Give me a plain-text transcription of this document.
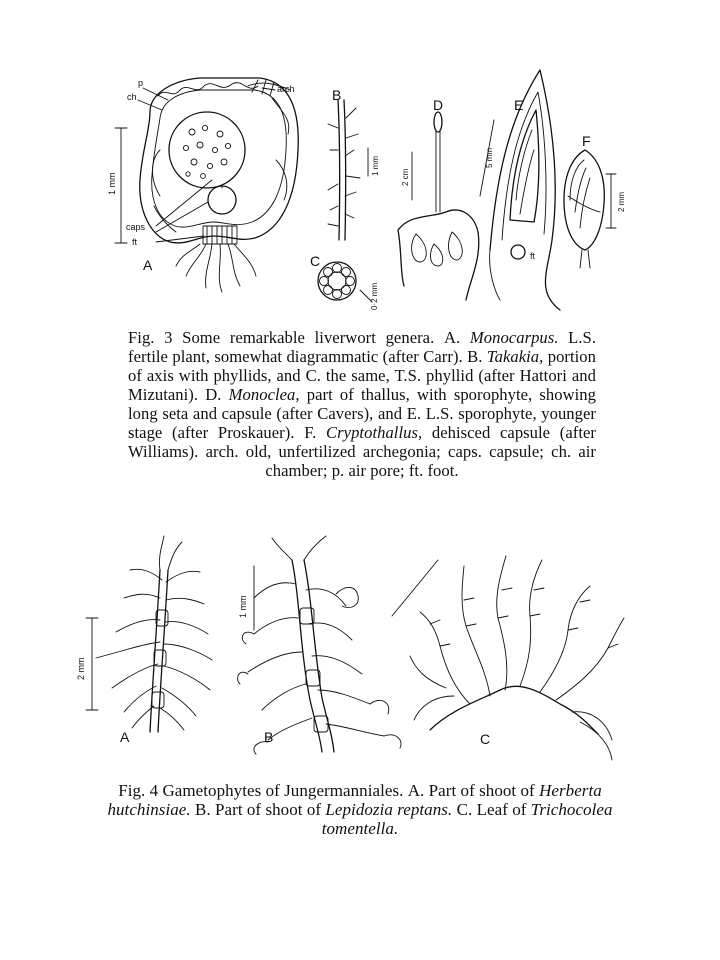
1 mm
p
ch
arch
caps
ft
A
B
1 mm
C
0·2 mm
D
2 cm
E
5 mm
ft
F
2 mm
Fig. 3 Some remarkable liverwort genera. A. Monocarpus. L.S. fertile plant, somewhat diagrammatic (after Carr). B. Takakia, portion of axis with phyllids, and C. the same, T.S. phyllid (after Hattori and Mizutani). D. Monoclea, part of thallus, with sporophyte, showing long seta and capsule (after Cavers), and E. L.S. sporophyte, younger stage (after Proskauer). F. Cryptothallus, dehisced capsule (after Williams). arch. old, unfertilized archegonia; caps. capsule; ch. air chamber; p. air pore; ft. foot.
2 mm
A
1 mm
B	C
Fig. 4 Gametophytes of Jungermanniales. A. Part of shoot of Herberta hutchinsiae. B. Part of shoot of Lepidozia reptans. C. Leaf of Trichocolea tomentella.
